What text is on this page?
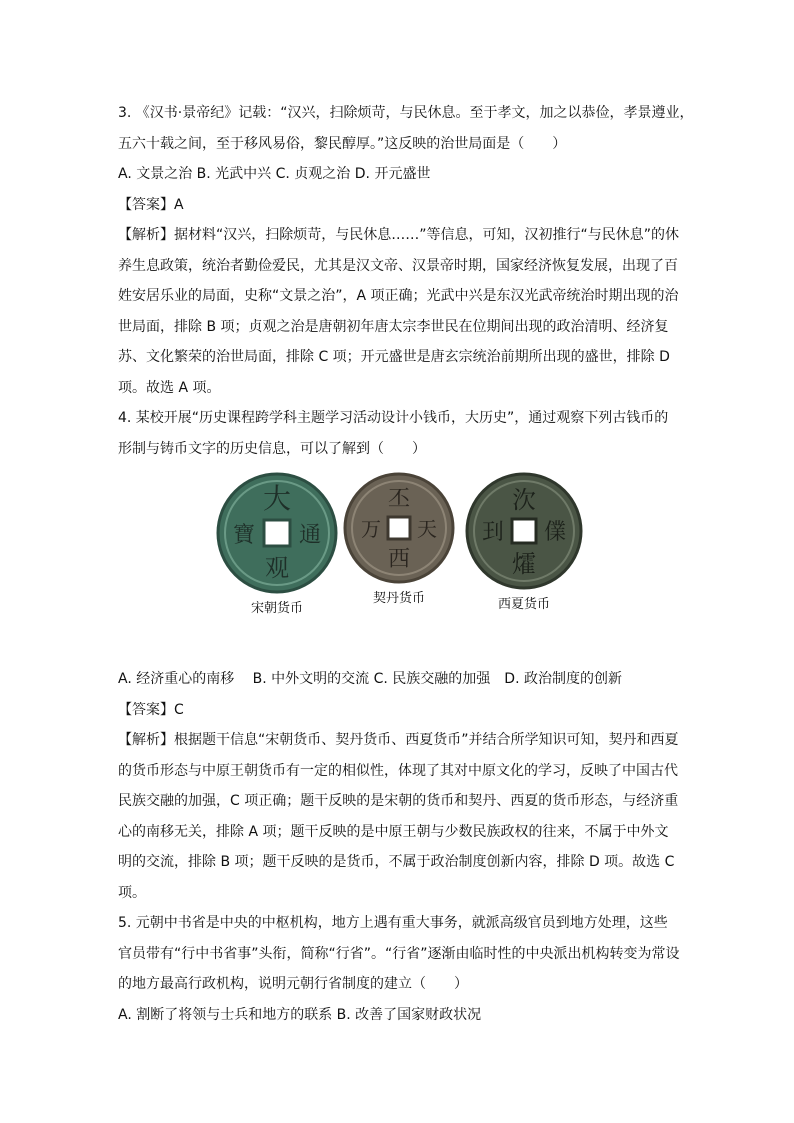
3. 《汉书·景帝纪》记载：“汉兴，扫除烦苛，与民休息。至于孝文，加之以恭俭，孝景遵业，

五六十载之间，至于移风易俗，黎民醇厚。”这反映的治世局面是（　　）

A. 文景之治 B. 光武中兴 C. 贞观之治 D. 开元盛世

【答案】A

【解析】据材料“汉兴，扫除烦苛，与民休息……”等信息，可知，汉初推行“与民休息”的休

养生息政策，统治者勤俭爱民，尤其是汉文帝、汉景帝时期，国家经济恢复发展，出现了百

姓安居乐业的局面，史称“文景之治”，A 项正确；光武中兴是东汉光武帝统治时期出现的治

世局面，排除 B 项；贞观之治是唐朝初年唐太宗李世民在位期间出现的政治清明、经济复

苏、文化繁荣的治世局面，排除 C 项；开元盛世是唐玄宗统治前期所出现的盛世，排除 D

项。故选 A 项。

4. 某校开展“历史课程跨学科主题学习活动设计小钱币，大历史”，通过观察下列古钱币的

形制与铸币文字的历史信息，可以了解到（　　）

大
通
观
寶
宋朝货币
丕
天
西
万
契丹货币
㳄
㒒
㸌
㺫
西夏货币

A. 经济重心的南移　 B. 中外文明的交流 C. 民族交融的加强　D. 政治制度的创新

【答案】C

【解析】根据题干信息“宋朝货币、契丹货币、西夏货币”并结合所学知识可知，契丹和西夏

的货币形态与中原王朝货币有一定的相似性，体现了其对中原文化的学习，反映了中国古代

民族交融的加强，C 项正确；题干反映的是宋朝的货币和契丹、西夏的货币形态，与经济重

心的南移无关，排除 A 项；题干反映的是中原王朝与少数民族政权的往来，不属于中外文

明的交流，排除 B 项；题干反映的是货币，不属于政治制度创新内容，排除 D 项。故选 C

项。

5. 元朝中书省是中央的中枢机构，地方上遇有重大事务，就派高级官员到地方处理，这些

官员带有“行中书省事”头衔，简称“行省”。“行省”逐渐由临时性的中央派出机构转变为常设

的地方最高行政机构，说明元朝行省制度的建立（　　）

A. 割断了将领与士兵和地方的联系 B. 改善了国家财政状况
